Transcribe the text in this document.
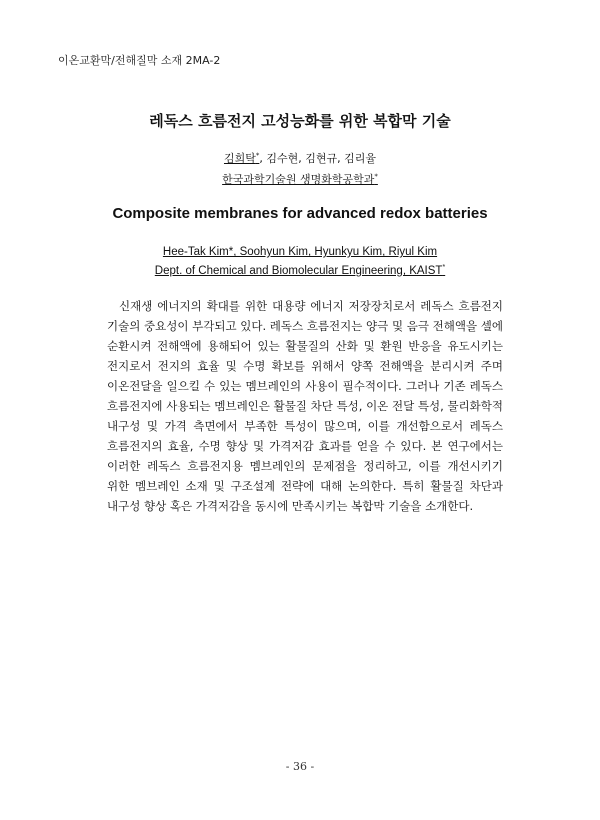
이온교환막/전해질막 소재 2MA-2
레독스 흐름전지 고성능화를 위한 복합막 기술
김희탁*, 김수현, 김현규, 김리율
한국과학기술원 생명화학공학과*
Composite membranes for advanced redox batteries
Hee-Tak Kim*, Soohyun Kim, Hyunkyu Kim, Riyul Kim
Dept. of Chemical and Biomolecular Engineering, KAIST*

신재생 에너지의 확대를 위한 대용량 에너지 저장장치로서 레독스 흐름전지 기술의 중요성이 부각되고 있다. 레독스 흐름전지는 양극 및 음극 전해액을 셀에 순환시켜 전해액에 용해되어 있는 활물질의 산화 및 환원 반응을 유도시키는 전지로서 전지의 효율 및 수명 확보를 위해서 양쪽 전해액을 분리시켜 주며 이온전달을 일으킬 수 있는 멤브레인의 사용이 필수적이다. 그러나 기존 레독스 흐름전지에 사용되는 멤브레인은 활물질 차단 특성, 이온 전달 특성, 물리화학적 내구성 및 가격 측면에서 부족한 특성이 많으며, 이를 개선함으로서 레독스 흐름전지의 효율, 수명 향상 및 가격저감 효과를 얻을 수 있다. 본 연구에서는 이러한 레독스 흐름전지용 멤브레인의 문제점을 정리하고, 이를 개선시키기 위한 멤브레인 소재 및 구조설계 전략에 대해 논의한다. 특히 활물질 차단과 내구성 향상 혹은 가격저감을 동시에 만족시키는 복합막 기술을 소개한다.

- 36 -
